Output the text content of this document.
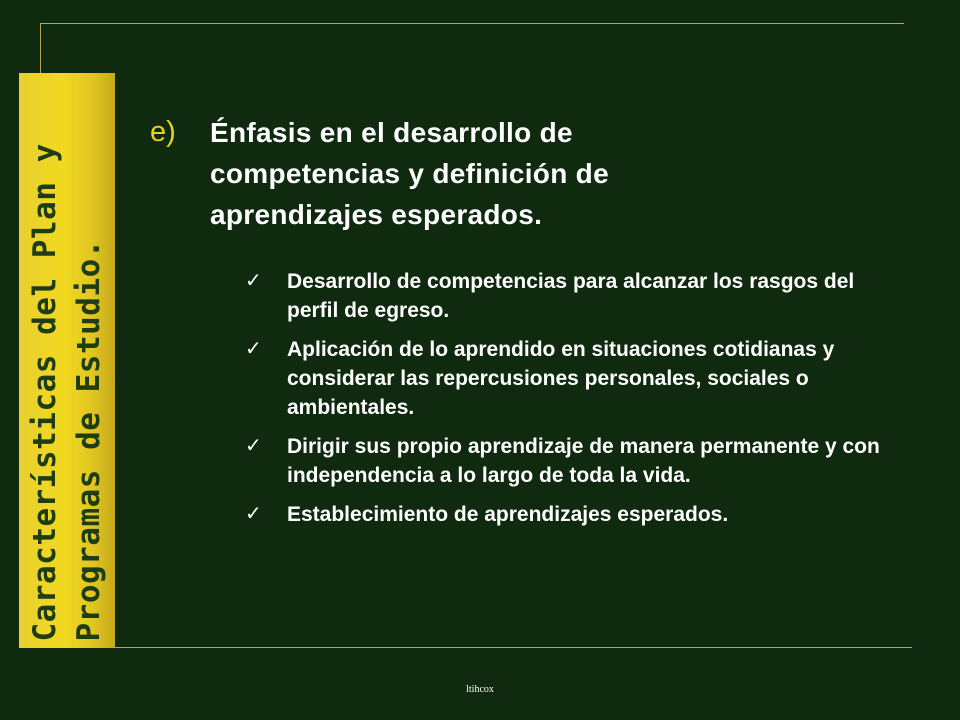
Características del Plan y Programas de Estudio.
e)	Énfasis en el desarrollo de competencias y definición de aprendizajes esperados.
✓	Desarrollo de competencias para alcanzar los rasgos del perfil de egreso.
✓	Aplicación de lo aprendido en situaciones cotidianas y considerar las repercusiones personales, sociales o ambientales.
✓	Dirigir sus propio aprendizaje de manera permanente y con independencia a lo largo de toda la vida.
✓	Establecimiento de aprendizajes esperados.
ltihcox
